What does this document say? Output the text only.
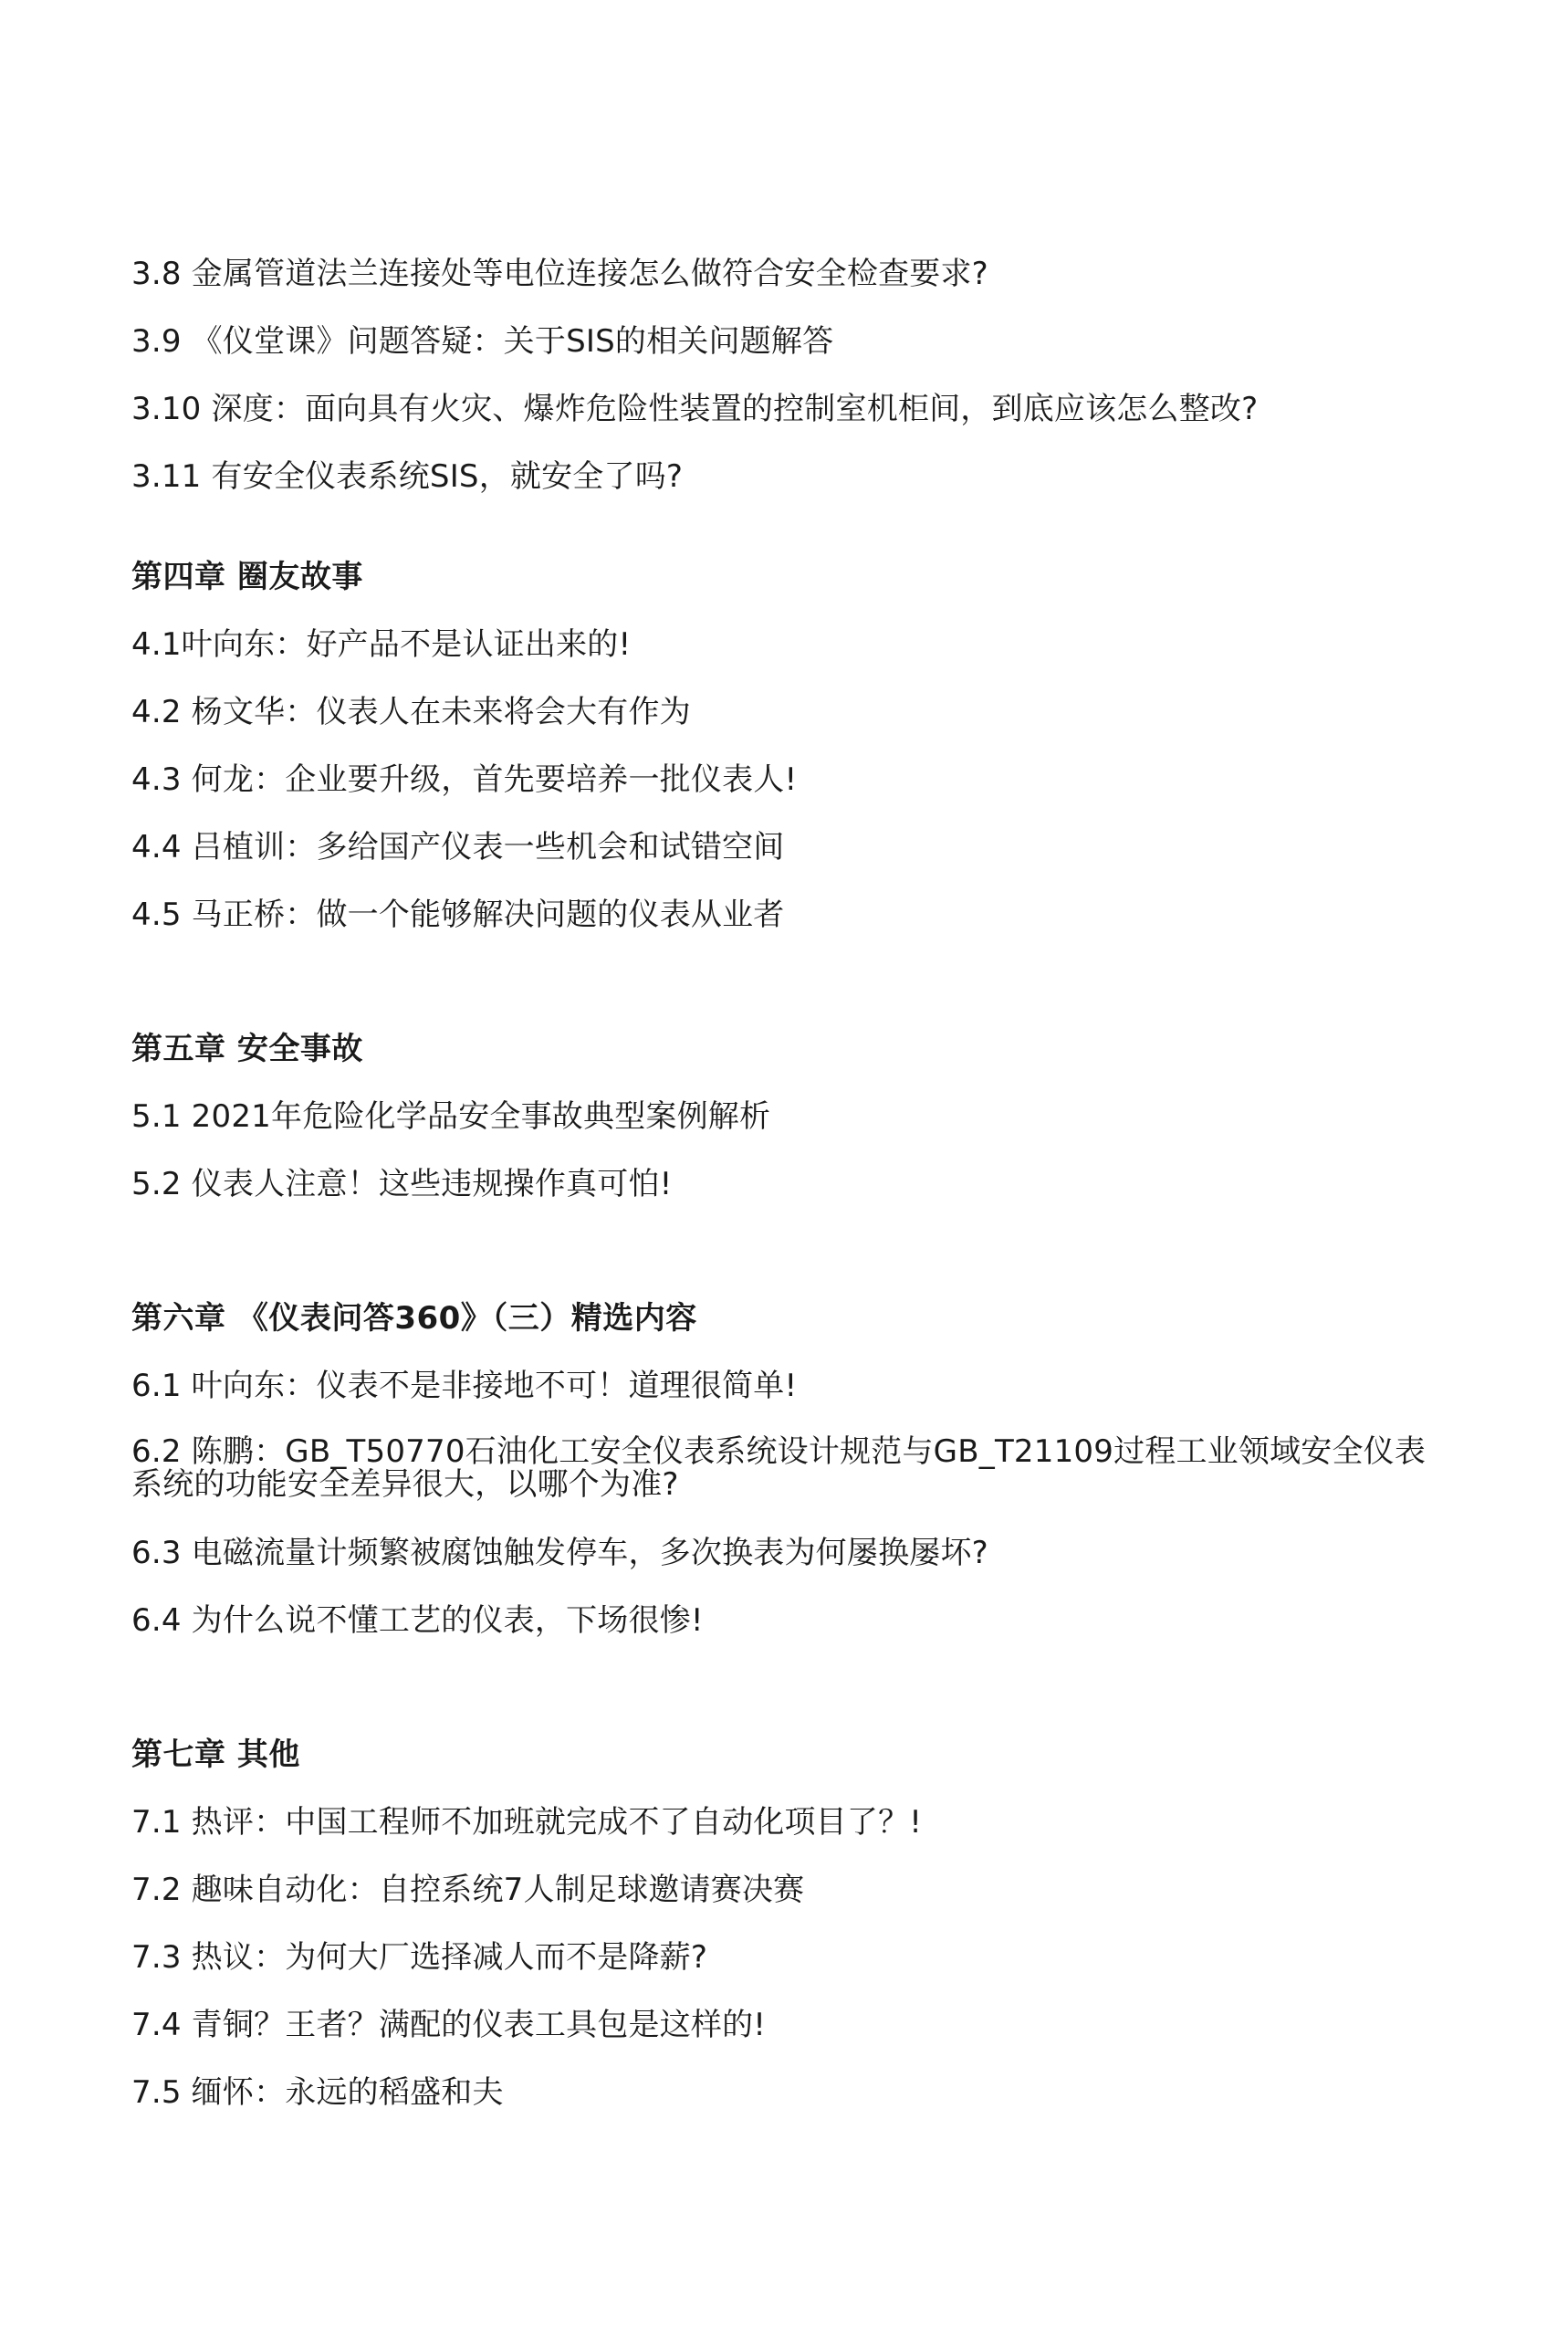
3.8 金属管道法兰连接处等电位连接怎么做符合安全检查要求?
3.9 《仪堂课》问题答疑：关于SIS的相关问题解答
3.10 深度：面向具有火灾、爆炸危险性装置的控制室机柜间，到底应该怎么整改?
3.11 有安全仪表系统SIS，就安全了吗?
第四章 圈友故事
4.1叶向东：好产品不是认证出来的!
4.2 杨文华：仪表人在未来将会大有作为
4.3 何龙：企业要升级，首先要培养一批仪表人!
4.4 吕植训：多给国产仪表一些机会和试错空间
4.5 马正桥：做一个能够解决问题的仪表从业者
第五章 安全事故
5.1 2021年危险化学品安全事故典型案例解析
5.2 仪表人注意！这些违规操作真可怕!
第六章 《仪表问答360》（三）精选内容
6.1 叶向东：仪表不是非接地不可！道理很简单!
6.2 陈鹏：GB_T50770石油化工安全仪表系统设计规范与GB_T21109过程工业领域安全仪表系统的功能安全差异很大，以哪个为准?
6.3 电磁流量计频繁被腐蚀触发停车，多次换表为何屡换屡坏?
6.4 为什么说不懂工艺的仪表，下场很惨!
第七章 其他
7.1 热评：中国工程师不加班就完成不了自动化项目了？!
7.2 趣味自动化：自控系统7人制足球邀请赛决赛
7.3 热议：为何大厂选择减人而不是降薪?
7.4 青铜？王者？满配的仪表工具包是这样的!
7.5 缅怀：永远的稻盛和夫
